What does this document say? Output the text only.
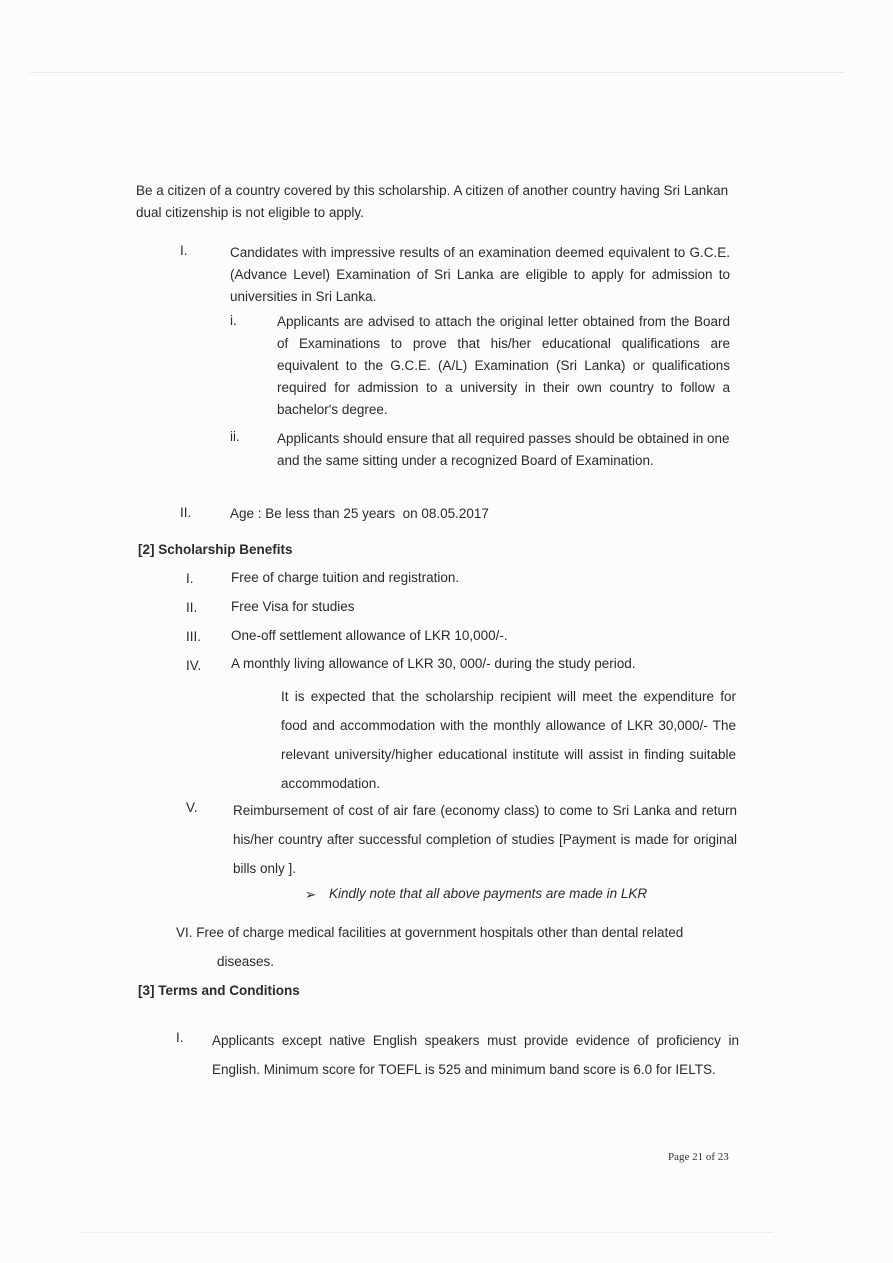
Be a citizen of a country covered by this scholarship. A citizen of another country having Sri Lankan dual citizenship is not eligible to apply.

I.	Candidates with impressive results of an examination deemed equivalent to G.C.E. (Advance Level) Examination of Sri Lanka are eligible to apply for admission to universities in Sri Lanka.

i.	Applicants are advised to attach the original letter obtained from the Board of Examinations to prove that his/her educational qualifications are equivalent to the G.C.E. (A/L) Examination (Sri Lanka) or qualifications required for admission to a university in their own country to follow a bachelor's degree.

ii.	Applicants should ensure that all required passes should be obtained in one and the same sitting under a recognized Board of Examination.

II.	Age : Be less than 25 years  on 08.05.2017

[2] Scholarship Benefits

I.	Free of charge tuition and registration.

II. Free Visa for studies

III. One-off settlement allowance of LKR 10,000/-.

IV. A monthly living allowance of LKR 30, 000/- during the study period.

It is expected that the scholarship recipient will meet the expenditure for food and accommodation with the monthly allowance of LKR 30,000/- The relevant university/higher educational institute will assist in finding suitable accommodation.

V.	Reimbursement of cost of air fare (economy class) to come to Sri Lanka and return his/her country after successful completion of studies [Payment is made for original bills only ].

➢ Kindly note that all above payments are made in LKR

VI. Free of charge medical facilities at government hospitals other than dental related

diseases.

[3] Terms and Conditions

I. Applicants except native English speakers must provide evidence of proficiency in English. Minimum score for TOEFL is 525 and minimum band score is 6.0 for IELTS.

Page 21 of 23
